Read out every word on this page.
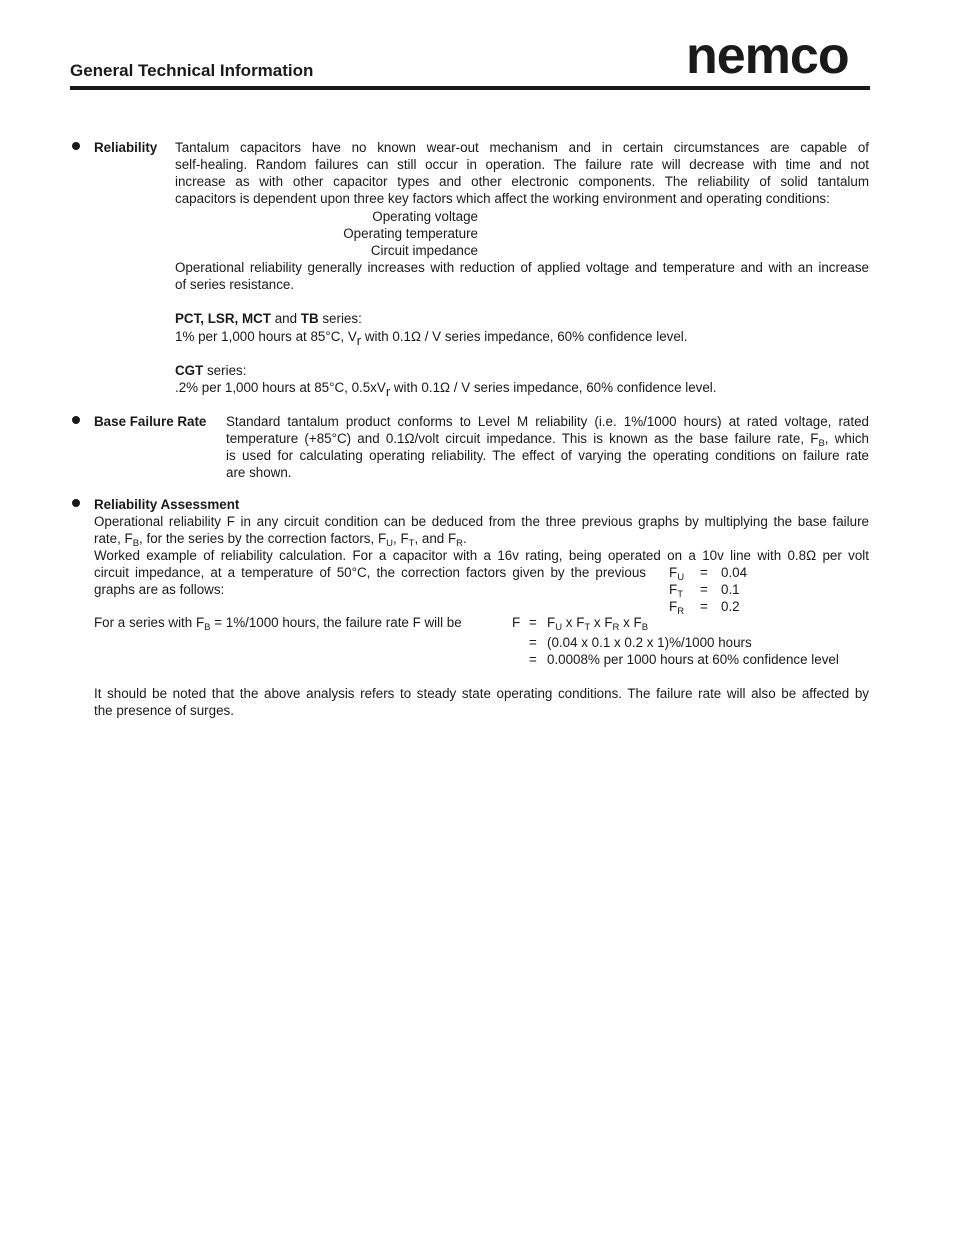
General Technical Information	nemco
Reliability Tantalum capacitors have no known wear-out mechanism and in certain circumstances are capable of
self-healing. Random failures can still occur in operation. The failure rate will decrease with time and not
increase as with other capacitor types and other electronic components. The reliability of solid tantalum
capacitors is dependent upon three key factors which affect the working environment and operating conditions:
Operating voltage
Operating temperature
Circuit impedance
Operational reliability generally increases with reduction of applied voltage and temperature and with an increase
of series resistance.
PCT, LSR, MCT and TB series:
1% per 1,000 hours at 85°C, Vr with 0.1Ω / V series impedance, 60% confidence level.
CGT series:
.2% per 1,000 hours at 85°C, 0.5xVr with 0.1Ω / V series impedance, 60% confidence level.
Base Failure Rate Standard tantalum product conforms to Level M reliability (i.e. 1%/1000 hours) at rated voltage, rated
temperature (+85°C) and 0.1Ω/volt circuit impedance. This is known as the base failure rate, $F_B$, which
is used for calculating operating reliability. The effect of varying the operating conditions on failure rate
are shown.
Reliability Assessment
Operational reliability F in any circuit condition can be deduced from the three previous graphs by multiplying the base failure
rate, $F_B$, for the series by the correction factors, $F_U$, $F_T$, and $F_R$.
Worked example of reliability calculation. For a capacitor with a 16v rating, being operated on a 10v line with 0.8Ω per volt
circuit impedance, at a temperature of 50°C, the correction factors given by the previous
graphs are as follows:
$F_U = 0.04$
$F_T = 0.1$
$F_R = 0.2$
For a series with $F_B = 1\%/1000$ hours, the failure rate F will be	$F = F_U$ x $F_T$ x $F_R$ x $F_B$
= (0.04 x 0.1 x 0.2 x 1)%/1000 hours
= 0.0008% per 1000 hours at 60% confidence level
It should be noted that the above analysis refers to steady state operating conditions. The failure rate will also be affected by
the presence of surges.
